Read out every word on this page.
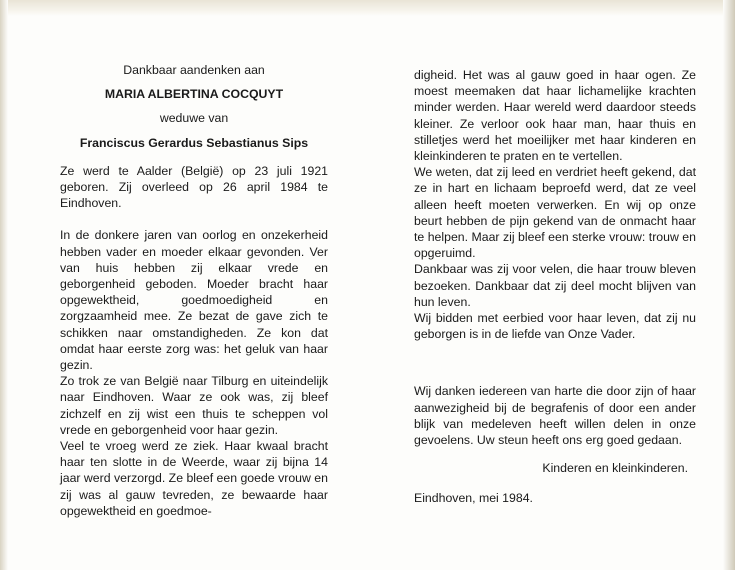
Dankbaar aandenken aan

MARIA ALBERTINA COCQUYT

weduwe van

Franciscus Gerardus Sebastianus Sips

Ze werd te Aalder (België) op 23 juli 1921 geboren. Zij overleed op 26 april 1984 te Eindhoven.

In de donkere jaren van oorlog en onzekerheid hebben vader en moeder elkaar gevonden. Ver van huis hebben zij elkaar vrede en geborgenheid geboden. Moeder bracht haar opgewektheid, goedmoedigheid en zorgzaamheid mee. Ze bezat de gave zich te schikken naar omstandigheden. Ze kon dat omdat haar eerste zorg was: het geluk van haar gezin.

Zo trok ze van België naar Tilburg en uiteindelijk naar Eindhoven. Waar ze ook was, zij bleef zichzelf en zij wist een thuis te scheppen vol vrede en geborgenheid voor haar gezin.

Veel te vroeg werd ze ziek. Haar kwaal bracht haar ten slotte in de Weerde, waar zij bijna 14 jaar werd verzorgd. Ze bleef een goede vrouw en zij was al gauw tevreden, ze bewaarde haar opgewektheid en goedmoe-

digheid. Het was al gauw goed in haar ogen. Ze moest meemaken dat haar lichamelijke krachten minder werden. Haar wereld werd daardoor steeds kleiner. Ze verloor ook haar man, haar thuis en stilletjes werd het moeilijker met haar kinderen en kleinkinderen te praten en te vertellen.

We weten, dat zij leed en verdriet heeft gekend, dat ze in hart en lichaam beproefd werd, dat ze veel alleen heeft moeten verwerken. En wij op onze beurt hebben de pijn gekend van de onmacht haar te helpen. Maar zij bleef een sterke vrouw: trouw en opgeruimd.

Dankbaar was zij voor velen, die haar trouw bleven bezoeken. Dankbaar dat zij deel mocht blijven van hun leven.

Wij bidden met eerbied voor haar leven, dat zij nu geborgen is in de liefde van Onze Vader.

Wij danken iedereen van harte die door zijn of haar aanwezigheid bij de begrafenis of door een ander blijk van medeleven heeft willen delen in onze gevoelens. Uw steun heeft ons erg goed gedaan.

Kinderen en kleinkinderen.

Eindhoven, mei 1984.
